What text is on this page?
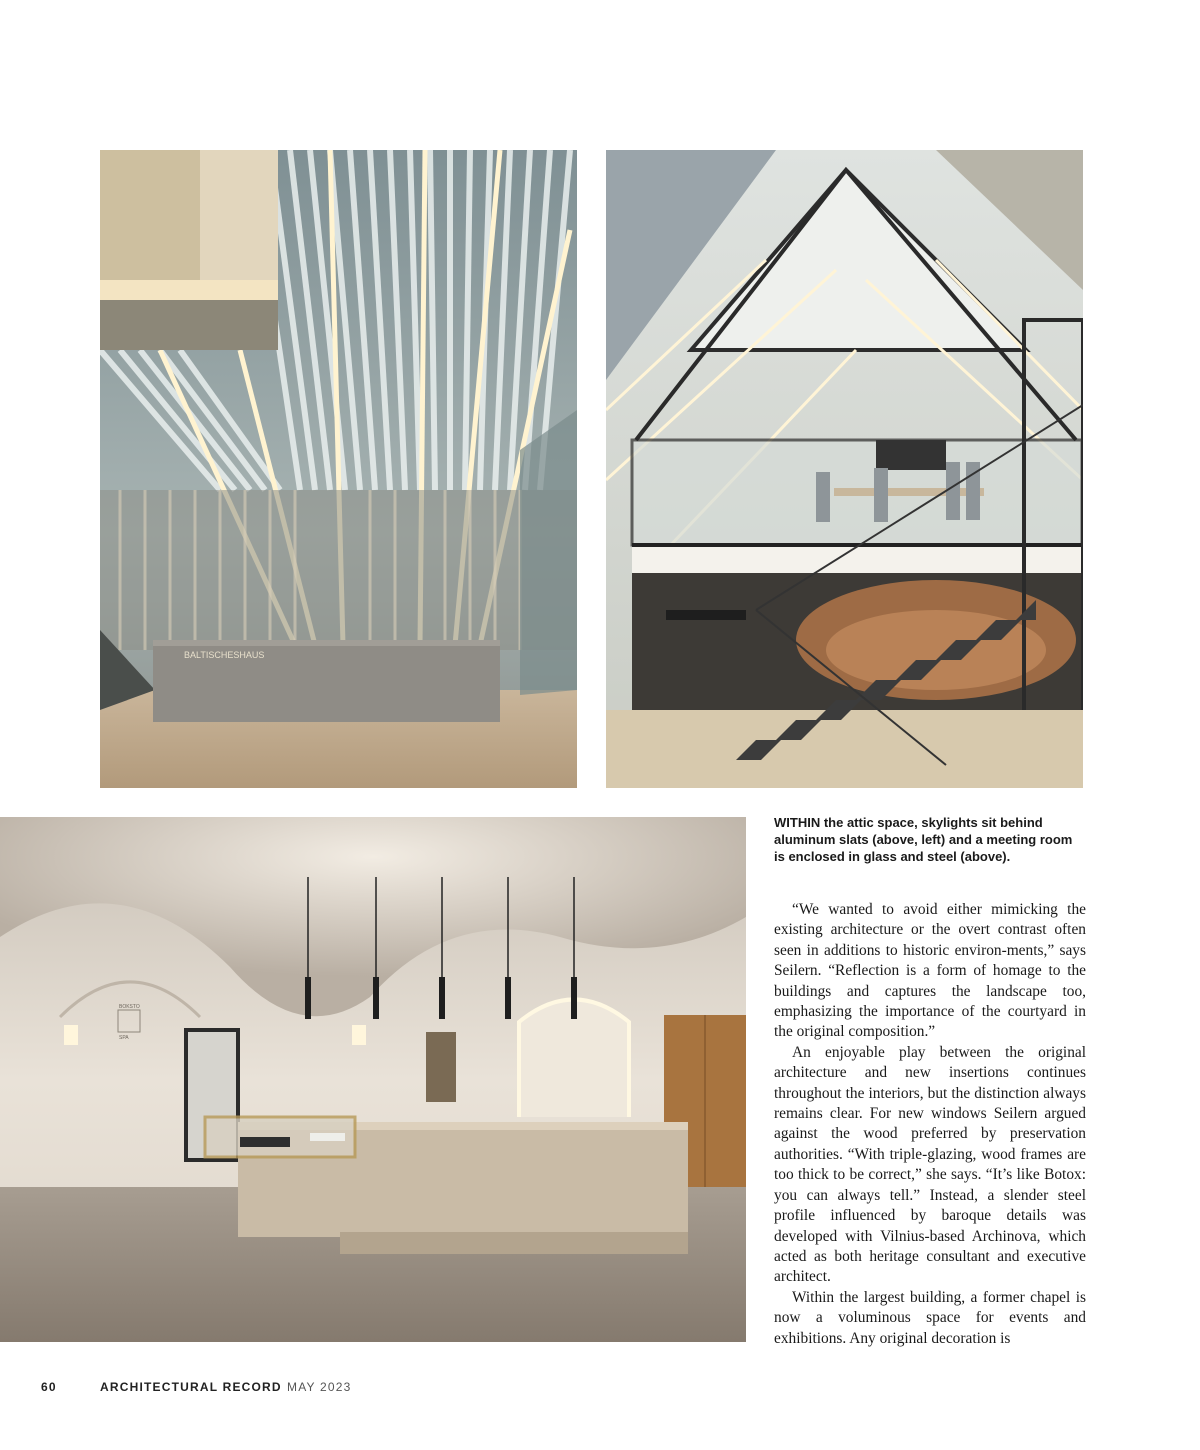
BALTISCHESHAUS
BOKSTO
SPA
WITHIN the attic space, skylights sit behind aluminum slats (above, left) and a meeting room is enclosed in glass and steel (above).

“We wanted to avoid either mimicking the existing architecture or the overt contrast often seen in additions to historic environ-ments,” says Seilern. “Reflection is a form of homage to the buildings and captures the landscape too, emphasizing the importance of the courtyard in the original composition.”

An enjoyable play between the original architecture and new insertions continues throughout the interiors, but the distinction always remains clear. For new windows Seilern argued against the wood preferred by preservation authorities. “With triple-glazing, wood frames are too thick to be correct,” she says. “It’s like Botox: you can always tell.” Instead, a slender steel profile influenced by baroque details was developed with Vilnius-based Archinova, which acted as both heritage consultant and executive architect.

Within the largest building, a former chapel is now a voluminous space for events and exhibitions. Any original decoration is

60	ARCHITECTURAL RECORD MAY 2023
